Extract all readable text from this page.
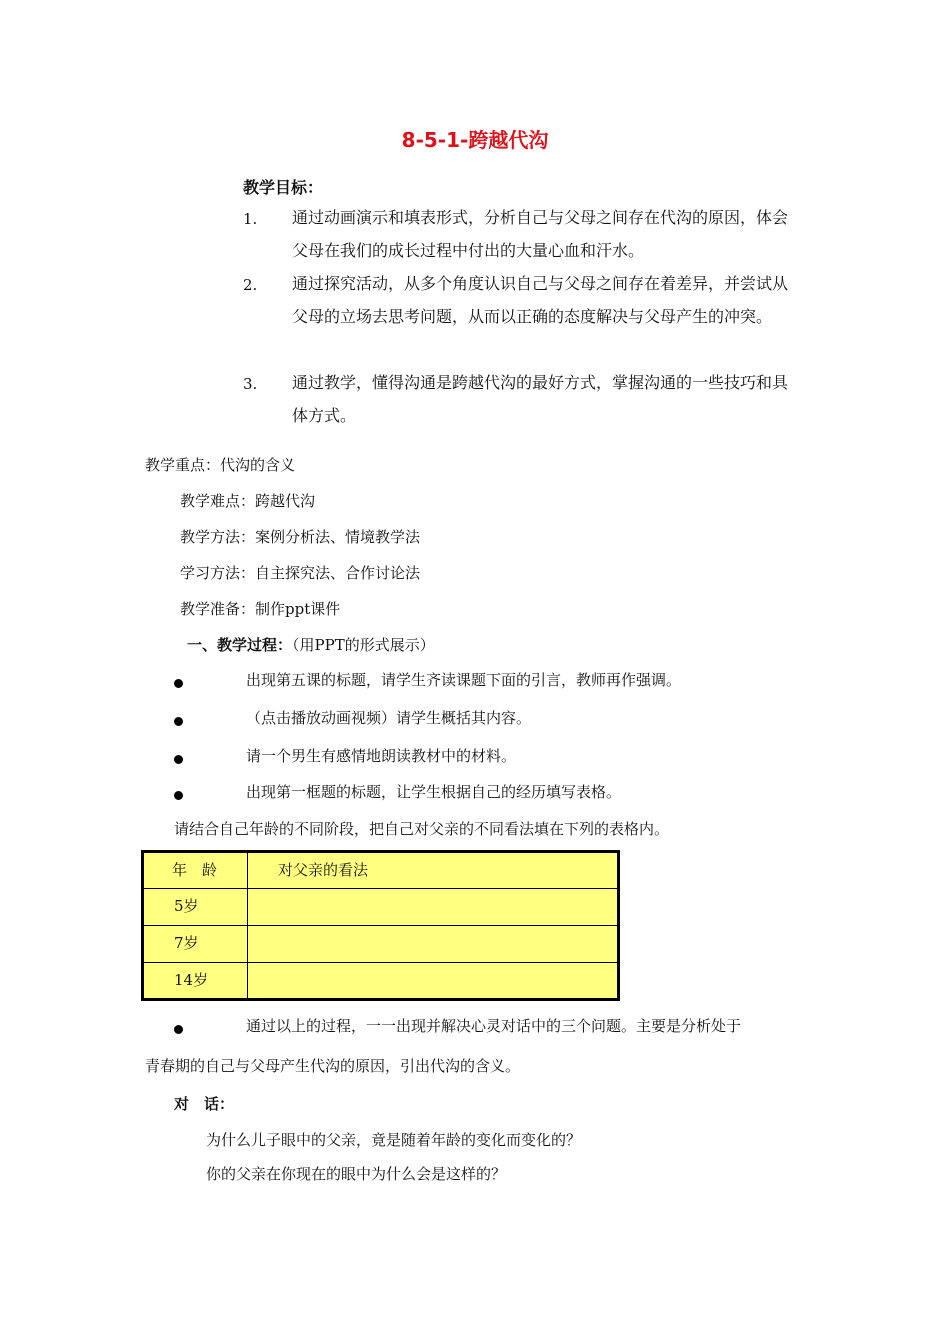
8-5-1-跨越代沟
教学目标：
1. 通过动画演示和填表形式，分析自己与父母之间存在代沟的原因，体会父母在我们的成长过程中付出的大量心血和汗水。
2. 通过探究活动，从多个角度认识自己与父母之间存在着差异，并尝试从父母的立场去思考问题，从而以正确的态度解决与父母产生的冲突。
3. 通过教学，懂得沟通是跨越代沟的最好方式，掌握沟通的一些技巧和具体方式。
教学重点：代沟的含义
教学难点：跨越代沟
教学方法：案例分析法、情境教学法
学习方法：自主探究法、合作讨论法
教学准备：制作ppt课件
一、教学过程：（用PPT的形式展示）
出现第五课的标题，请学生齐读课题下面的引言，教师再作强调。
（点击播放动画视频）请学生概括其内容。
请一个男生有感情地朗读教材中的材料。
出现第一框题的标题，让学生根据自己的经历填写表格。
请结合自己年龄的不同阶段，把自己对父亲的不同看法填在下列的表格内。
年　龄	对父亲的看法
5岁	
7岁	
14岁	
通过以上的过程，一一出现并解决心灵对话中的三个问题。主要是分析处于
青春期的自己与父母产生代沟的原因，引出代沟的含义。
对　话：
为什么儿子眼中的父亲，竟是随着年龄的变化而变化的？
你的父亲在你现在的眼中为什么会是这样的？
